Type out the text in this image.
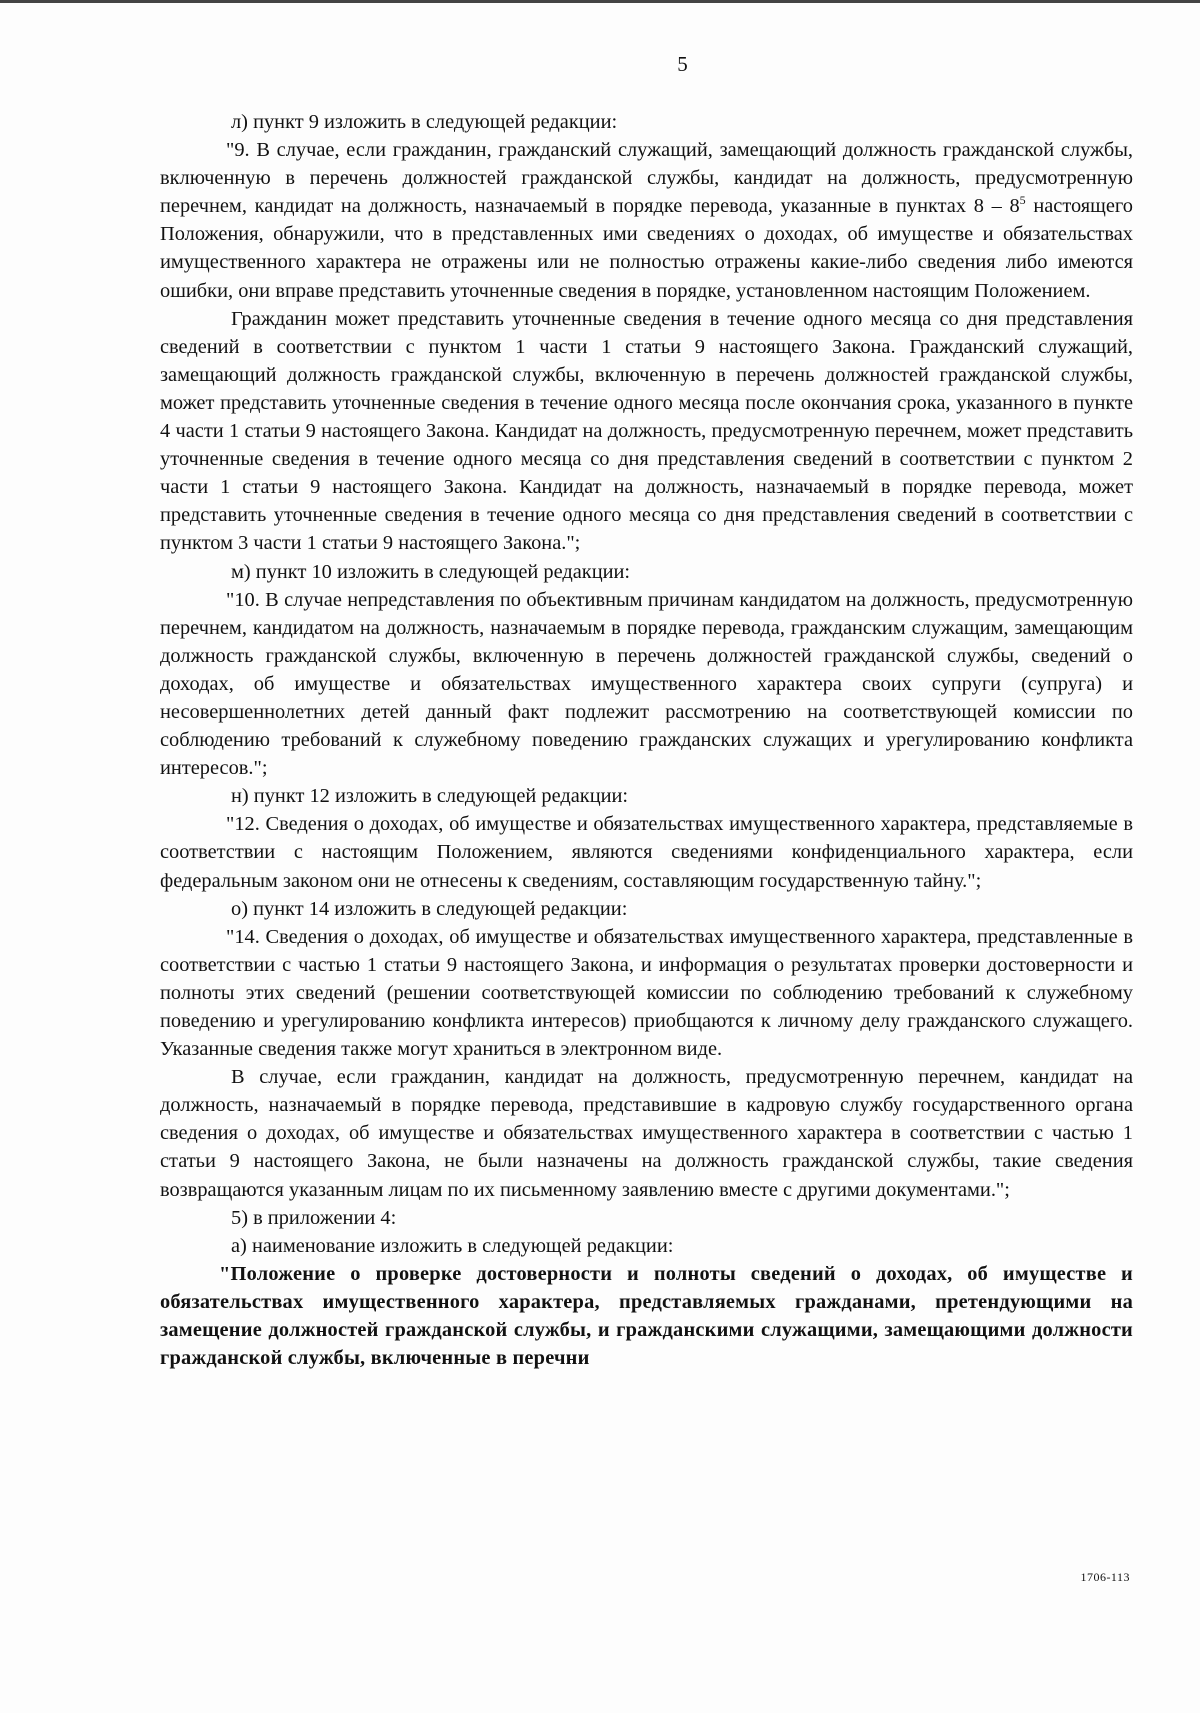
5

л) пункт 9 изложить в следующей редакции:

"9. В случае, если гражданин, гражданский служащий, замещающий должность гражданской службы, включенную в перечень должностей гражданской службы, кандидат на должность, предусмотренную перечнем, кандидат на должность, назначаемый в порядке перевода, указанные в пунктах $8 - 8^5$ настоящего Положения, обнаружили, что в представленных ими сведениях о доходах, об имуществе и обязательствах имущественного характера не отражены или не полностью отражены какие-либо сведения либо имеются ошибки, они вправе представить уточненные сведения в порядке, установленном настоящим Положением.

Гражданин может представить уточненные сведения в течение одного месяца со дня представления сведений в соответствии с пунктом 1 части 1 статьи 9 настоящего Закона. Гражданский служащий, замещающий должность гражданской службы, включенную в перечень должностей гражданской службы, может представить уточненные сведения в течение одного месяца после окончания срока, указанного в пункте 4 части 1 статьи 9 настоящего Закона. Кандидат на должность, предусмотренную перечнем, может представить уточненные сведения в течение одного месяца со дня представления сведений в соответствии с пунктом 2 части 1 статьи 9 настоящего Закона. Кандидат на должность, назначаемый в порядке перевода, может представить уточненные сведения в течение одного месяца со дня представления сведений в соответствии с пунктом 3 части 1 статьи 9 настоящего Закона.";

м) пункт 10 изложить в следующей редакции:

"10. В случае непредставления по объективным причинам кандидатом на должность, предусмотренную перечнем, кандидатом на должность, назначаемым в порядке перевода, гражданским служащим, замещающим должность гражданской службы, включенную в перечень должностей гражданской службы, сведений о доходах, об имуществе и обязательствах имущественного характера своих супруги (супруга) и несовершеннолетних детей данный факт подлежит рассмотрению на соответствующей комиссии по соблюдению требований к служебному поведению гражданских служащих и урегулированию конфликта интересов.";

н) пункт 12 изложить в следующей редакции:

"12. Сведения о доходах, об имуществе и обязательствах имущественного характера, представляемые в соответствии с настоящим Положением, являются сведениями конфиденциального характера, если федеральным законом они не отнесены к сведениям, составляющим государственную тайну.";

о) пункт 14 изложить в следующей редакции:

"14. Сведения о доходах, об имуществе и обязательствах имущественного характера, представленные в соответствии с частью 1 статьи 9 настоящего Закона, и информация о результатах проверки достоверности и полноты этих сведений (решении соответствующей комиссии по соблюдению требований к служебному поведению и урегулированию конфликта интересов) приобщаются к личному делу гражданского служащего. Указанные сведения также могут храниться в электронном виде.

В случае, если гражданин, кандидат на должность, предусмотренную перечнем, кандидат на должность, назначаемый в порядке перевода, представившие в кадровую службу государственного органа сведения о доходах, об имуществе и обязательствах имущественного характера в соответствии с частью 1 статьи 9 настоящего Закона, не были назначены на должность гражданской службы, такие сведения возвращаются указанным лицам по их письменному заявлению вместе с другими документами.";

5) в приложении 4:

а) наименование изложить в следующей редакции:

"Положение о проверке достоверности и полноты сведений о доходах, об имуществе и обязательствах имущественного характера, представляемых гражданами, претендующими на замещение должностей гражданской службы, и гражданскими служащими, замещающими должности гражданской службы, включенные в перечни

1706-113
